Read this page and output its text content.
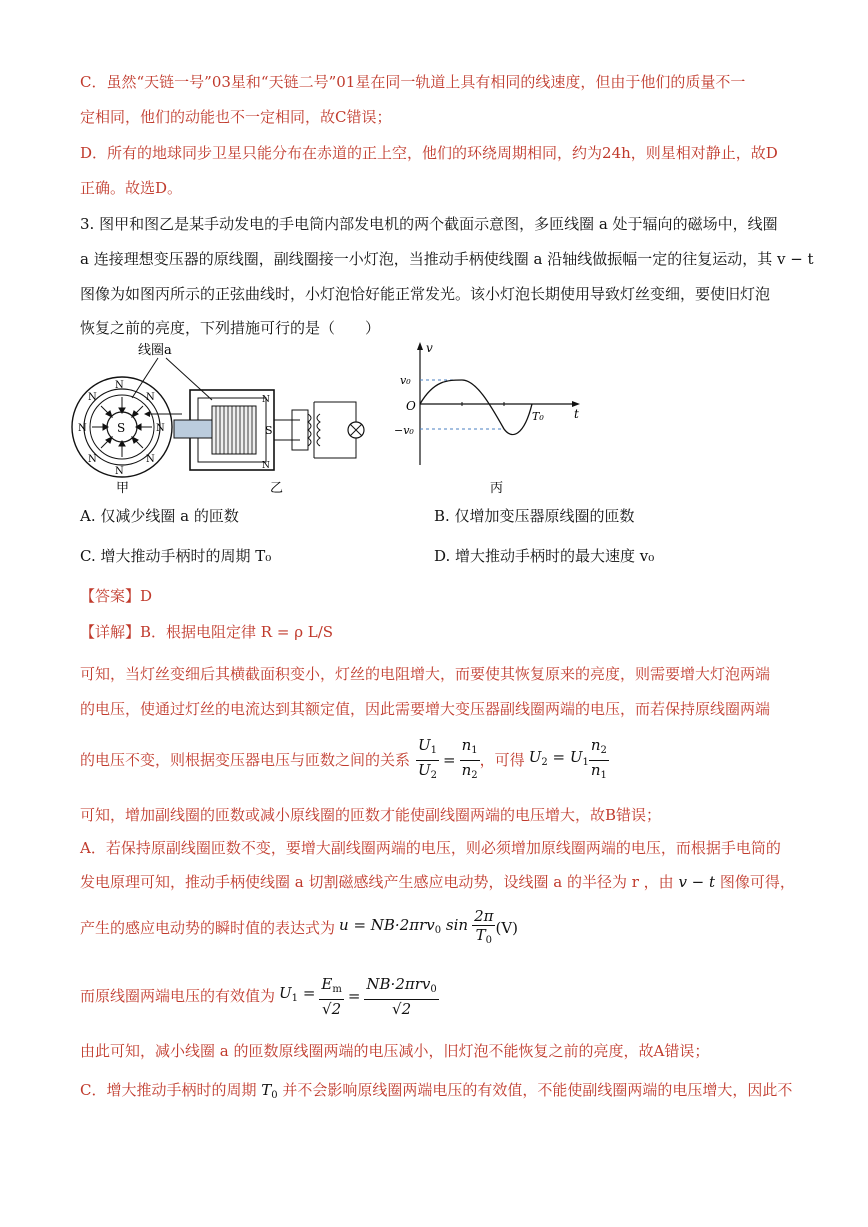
C．虽然“天链一号”03星和“天链二号”01星在同一轨道上具有相同的线速度，但由于他们的质量不一
定相同，他们的动能也不一定相同，故C错误；
D．所有的地球同步卫星只能分布在赤道的正上空，他们的环绕周期相同，约为24h，则星相对静止，故D
正确。故选D。
3. 图甲和图乙是某手动发电的手电筒内部发电机的两个截面示意图，多匝线圈 a 处于辐向的磁场中，线圈
a 连接理想变压器的原线圈，副线圈接一小灯泡，当推动手柄使线圈 a 沿轴线做振幅一定的往复运动，其 v − t
图像为如图丙所示的正弦曲线时，小灯泡恰好能正常发光。该小灯泡长期使用导致灯丝变细，要使旧灯泡
恢复之前的亮度，下列措施可行的是（　　）
线圈a
S
N
N
N	N
N	N
N	N
甲
N
N
S
乙
v
t
O
v₀
−v₀
T₀
丙
A. 仅减少线圈 a 的匝数	B. 仅增加变压器原线圈的匝数
C. 增大推动手柄时的周期 T₀	D. 增大推动手柄时的最大速度 v₀
【答案】D
【详解】B．根据电阻定律 R = ρ L/S
可知，当灯丝变细后其横截面积变小，灯丝的电阻增大，而要使其恢复原来的亮度，则需要增大灯泡两端
的电压，使通过灯丝的电流达到其额定值，因此需要增大变压器副线圈两端的电压，而若保持原线圈两端
的电压不变，则根据变压器电压与匝数之间的关系 $\frac{U_1}{U_2} = \frac{n_1}{n_2}$ ，可得 $U_2 = U_1 \frac{n_2}{n_1}$
可知，增加副线圈的匝数或减小原线圈的匝数才能使副线圈两端的电压增大，故B错误；
A．若保持原副线圈匝数不变，要增大副线圈两端的电压，则必须增加原线圈两端的电压，而根据手电筒的
发电原理可知，推动手柄使线圈 a 切割磁感线产生感应电动势，设线圈 a 的半径为 r ，由 v − t 图像可得，
产生的感应电动势的瞬时值的表达式为 u = NB·2πrv$_0$ $\sin \frac{2\pi}{T_0} (V)$
而原线圈两端电压的有效值为 $U_1 = \frac{E_m}{√2} = \frac{NB\cdot 2\pi rv_0}{√2}$
由此可知，减小线圈 a 的匝数原线圈两端的电压减小，旧灯泡不能恢复之前的亮度，故A错误；
C．增大推动手柄时的周期 $T_0$ 并不会影响原线圈两端电压的有效值，不能使副线圈两端的电压增大，因此不
